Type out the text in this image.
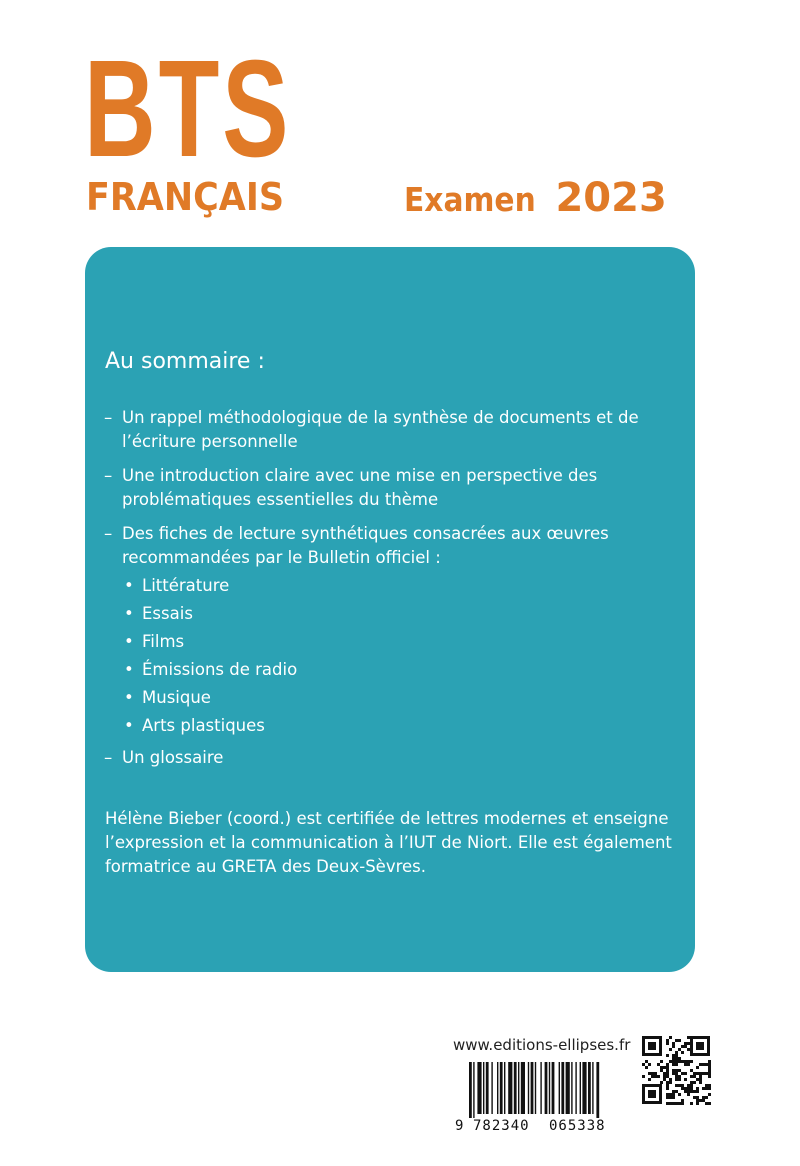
BTS
FRANÇAIS	Examen 2023
Au sommaire :
– Un rappel méthodologique de la synthèse de documents et de l’écriture personnelle
– Une introduction claire avec une mise en perspective des problématiques essentielles du thème
– Des fiches de lecture synthétiques consacrées aux œuvres recommandées par le Bulletin officiel :
• Littérature
• Essais
• Films
• Émissions de radio
• Musique
• Arts plastiques
– Un glossaire
Hélène Bieber (coord.) est certifiée de lettres modernes et enseigne l’expression et la communication à l’IUT de Niort. Elle est également formatrice au GRETA des Deux-Sèvres.
www.editions-ellipses.fr
9 782340 065338
